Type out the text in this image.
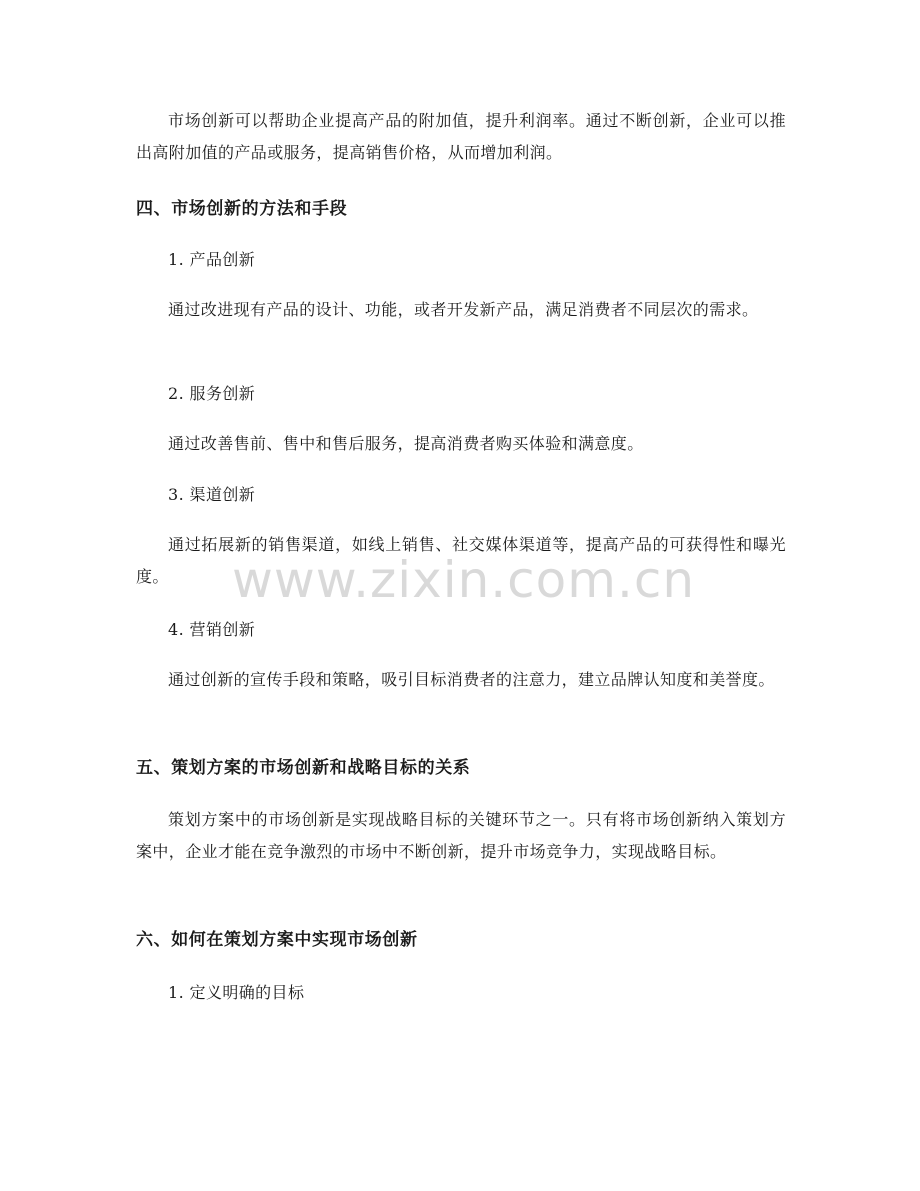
市场创新可以帮助企业提高产品的附加值，提升利润率。通过不断创新，企业可以推出高附加值的产品或服务，提高销售价格，从而增加利润。

四、市场创新的方法和手段

1. 产品创新

通过改进现有产品的设计、功能，或者开发新产品，满足消费者不同层次的需求。

2. 服务创新

通过改善售前、售中和售后服务，提高消费者购买体验和满意度。

3. 渠道创新

通过拓展新的销售渠道，如线上销售、社交媒体渠道等，提高产品的可获得性和曝光度。

4. 营销创新

通过创新的宣传手段和策略，吸引目标消费者的注意力，建立品牌认知度和美誉度。

五、策划方案的市场创新和战略目标的关系

策划方案中的市场创新是实现战略目标的关键环节之一。只有将市场创新纳入策划方案中，企业才能在竞争激烈的市场中不断创新，提升市场竞争力，实现战略目标。

六、如何在策划方案中实现市场创新

1. 定义明确的目标

www.zixin.com.cn
